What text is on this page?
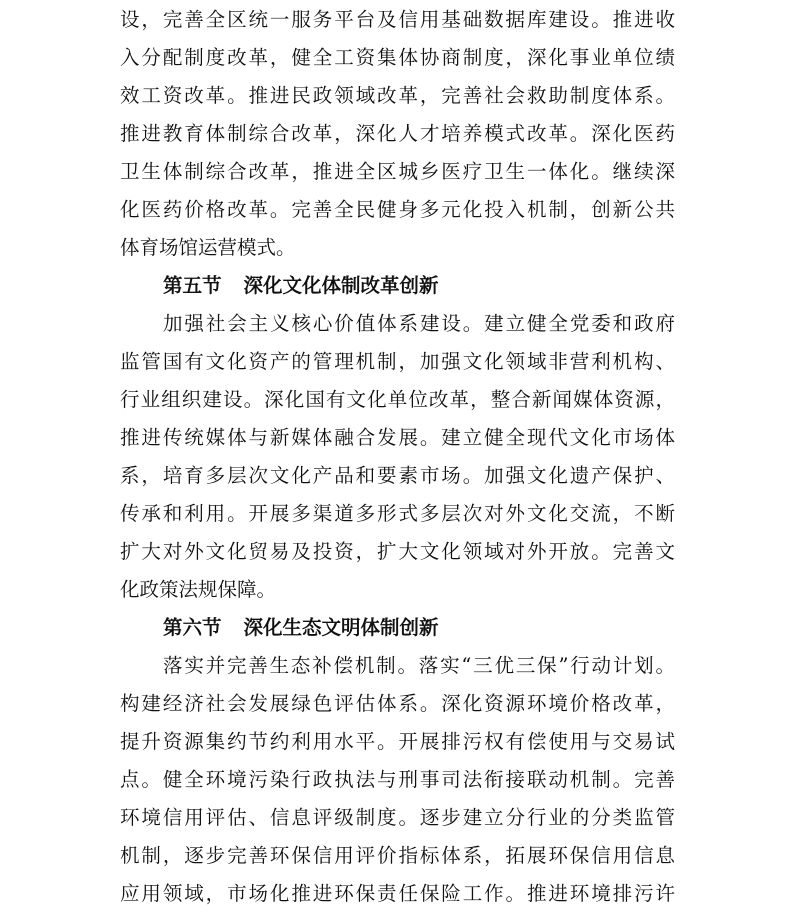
设，完善全区统一服务平台及信用基础数据库建设。推进收
入分配制度改革，健全工资集体协商制度，深化事业单位绩
效工资改革。推进民政领域改革，完善社会救助制度体系。
推进教育体制综合改革，深化人才培养模式改革。深化医药
卫生体制综合改革，推进全区城乡医疗卫生一体化。继续深
化医药价格改革。完善全民健身多元化投入机制，创新公共
体育场馆运营模式。
第五节 深化文化体制改革创新
加强社会主义核心价值体系建设。建立健全党委和政府
监管国有文化资产的管理机制，加强文化领域非营利机构、
行业组织建设。深化国有文化单位改革，整合新闻媒体资源，
推进传统媒体与新媒体融合发展。建立健全现代文化市场体
系，培育多层次文化产品和要素市场。加强文化遗产保护、
传承和利用。开展多渠道多形式多层次对外文化交流，不断
扩大对外文化贸易及投资，扩大文化领域对外开放。完善文
化政策法规保障。
第六节 深化生态文明体制创新
落实并完善生态补偿机制。落实“三优三保”行动计划。
构建经济社会发展绿色评估体系。深化资源环境价格改革，
提升资源集约节约利用水平。开展排污权有偿使用与交易试
点。健全环境污染行政执法与刑事司法衔接联动机制。完善
环境信用评估、信息评级制度。逐步建立分行业的分类监管
机制，逐步完善环保信用评价指标体系，拓展环保信用信息
应用领域，市场化推进环保责任保险工作。推进环境排污许
